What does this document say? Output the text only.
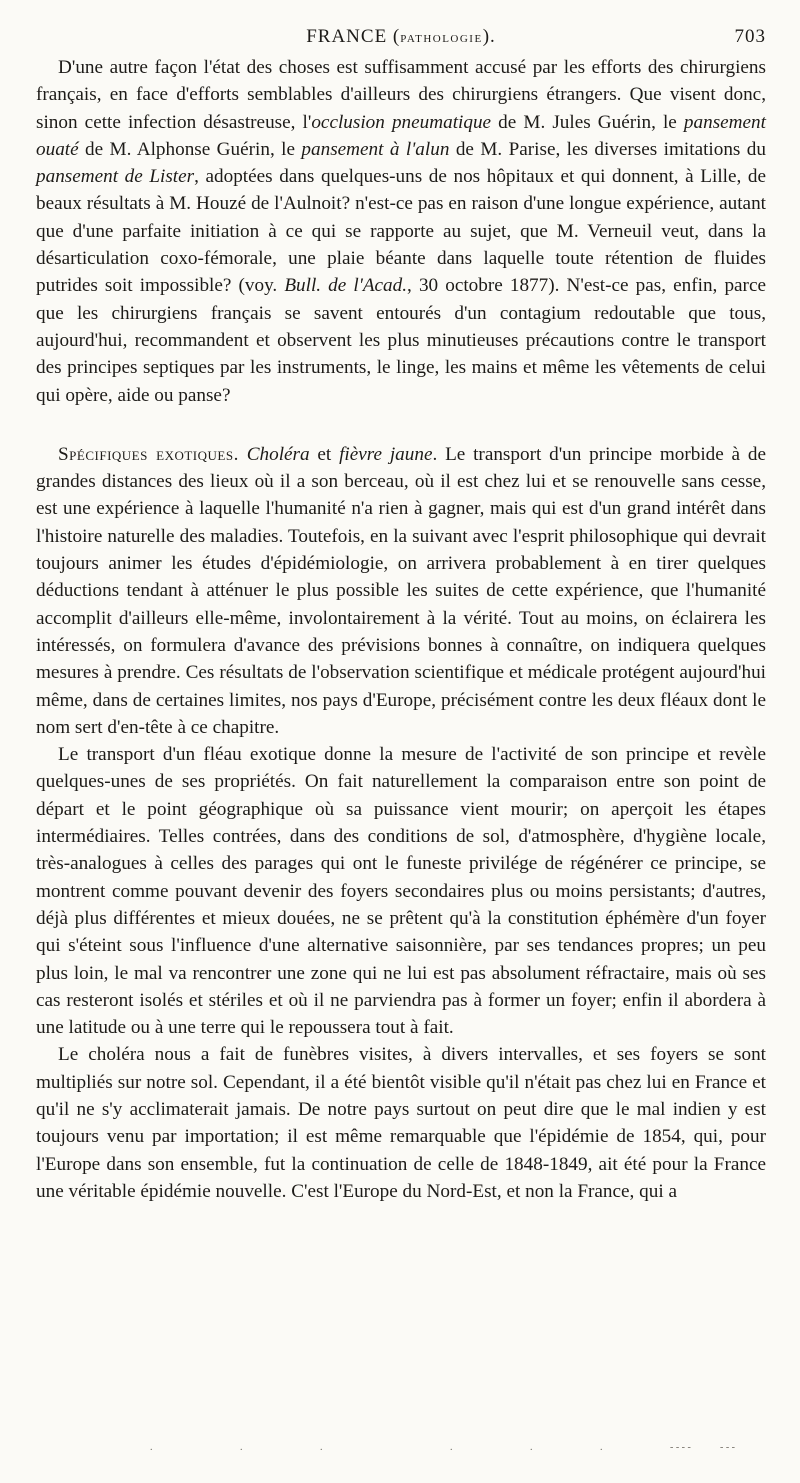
FRANCE (pathologie).	703

D'une autre façon l'état des choses est suffisamment accusé par les efforts des chirurgiens français, en face d'efforts semblables d'ailleurs des chirurgiens étrangers. Que visent donc, sinon cette infection désastreuse, l'occlusion pneumatique de M. Jules Guérin, le pansement ouaté de M. Alphonse Guérin, le pansement à l'alun de M. Parise, les diverses imitations du pansement de Lister, adoptées dans quelques-uns de nos hôpitaux et qui donnent, à Lille, de beaux résultats à M. Houzé de l'Aulnoit? n'est-ce pas en raison d'une longue expérience, autant que d'une parfaite initiation à ce qui se rapporte au sujet, que M. Verneuil veut, dans la désarticulation coxo-fémorale, une plaie béante dans laquelle toute rétention de fluides putrides soit impossible? (voy. Bull. de l'Acad., 30 octobre 1877). N'est-ce pas, enfin, parce que les chirurgiens français se savent entourés d'un contagium redoutable que tous, aujourd'hui, recommandent et observent les plus minutieuses précautions contre le transport des principes septiques par les instruments, le linge, les mains et même les vêtements de celui qui opère, aide ou panse?

Spécifiques exotiques. Choléra et fièvre jaune. Le transport d'un principe morbide à de grandes distances des lieux où il a son berceau, où il est chez lui et se renouvelle sans cesse, est une expérience à laquelle l'humanité n'a rien à gagner, mais qui est d'un grand intérêt dans l'histoire naturelle des maladies. Toutefois, en la suivant avec l'esprit philosophique qui devrait toujours animer les études d'épidémiologie, on arrivera probablement à en tirer quelques déductions tendant à atténuer le plus possible les suites de cette expérience, que l'humanité accomplit d'ailleurs elle-même, involontairement à la vérité. Tout au moins, on éclairera les intéressés, on formulera d'avance des prévisions bonnes à connaître, on indiquera quelques mesures à prendre. Ces résultats de l'observation scientifique et médicale protégent aujourd'hui même, dans de certaines limites, nos pays d'Europe, précisément contre les deux fléaux dont le nom sert d'en-tête à ce chapitre.

Le transport d'un fléau exotique donne la mesure de l'activité de son principe et revèle quelques-unes de ses propriétés. On fait naturellement la comparaison entre son point de départ et le point géographique où sa puissance vient mourir; on aperçoit les étapes intermédiaires. Telles contrées, dans des conditions de sol, d'atmosphère, d'hygiène locale, très-analogues à celles des parages qui ont le funeste privilége de régénérer ce principe, se montrent comme pouvant devenir des foyers secondaires plus ou moins persistants; d'autres, déjà plus différentes et mieux douées, ne se prêtent qu'à la constitution éphémère d'un foyer qui s'éteint sous l'influence d'une alternative saisonnière, par ses tendances propres; un peu plus loin, le mal va rencontrer une zone qui ne lui est pas absolument réfractaire, mais où ses cas resteront isolés et stériles et où il ne parviendra pas à former un foyer; enfin il abordera à une latitude ou à une terre qui le repoussera tout à fait.

Le choléra nous a fait de funèbres visites, à divers intervalles, et ses foyers se sont multipliés sur notre sol. Cependant, il a été bientôt visible qu'il n'était pas chez lui en France et qu'il ne s'y acclimaterait jamais. De notre pays surtout on peut dire que le mal indien y est toujours venu par importation; il est même remarquable que l'épidémie de 1854, qui, pour l'Europe dans son ensemble, fut la continuation de celle de 1848-1849, ait été pour la France une véritable épidémie nouvelle. C'est l'Europe du Nord-Est, et non la France, qui a

.	.	.	.	.	.	- - - -	- - -
